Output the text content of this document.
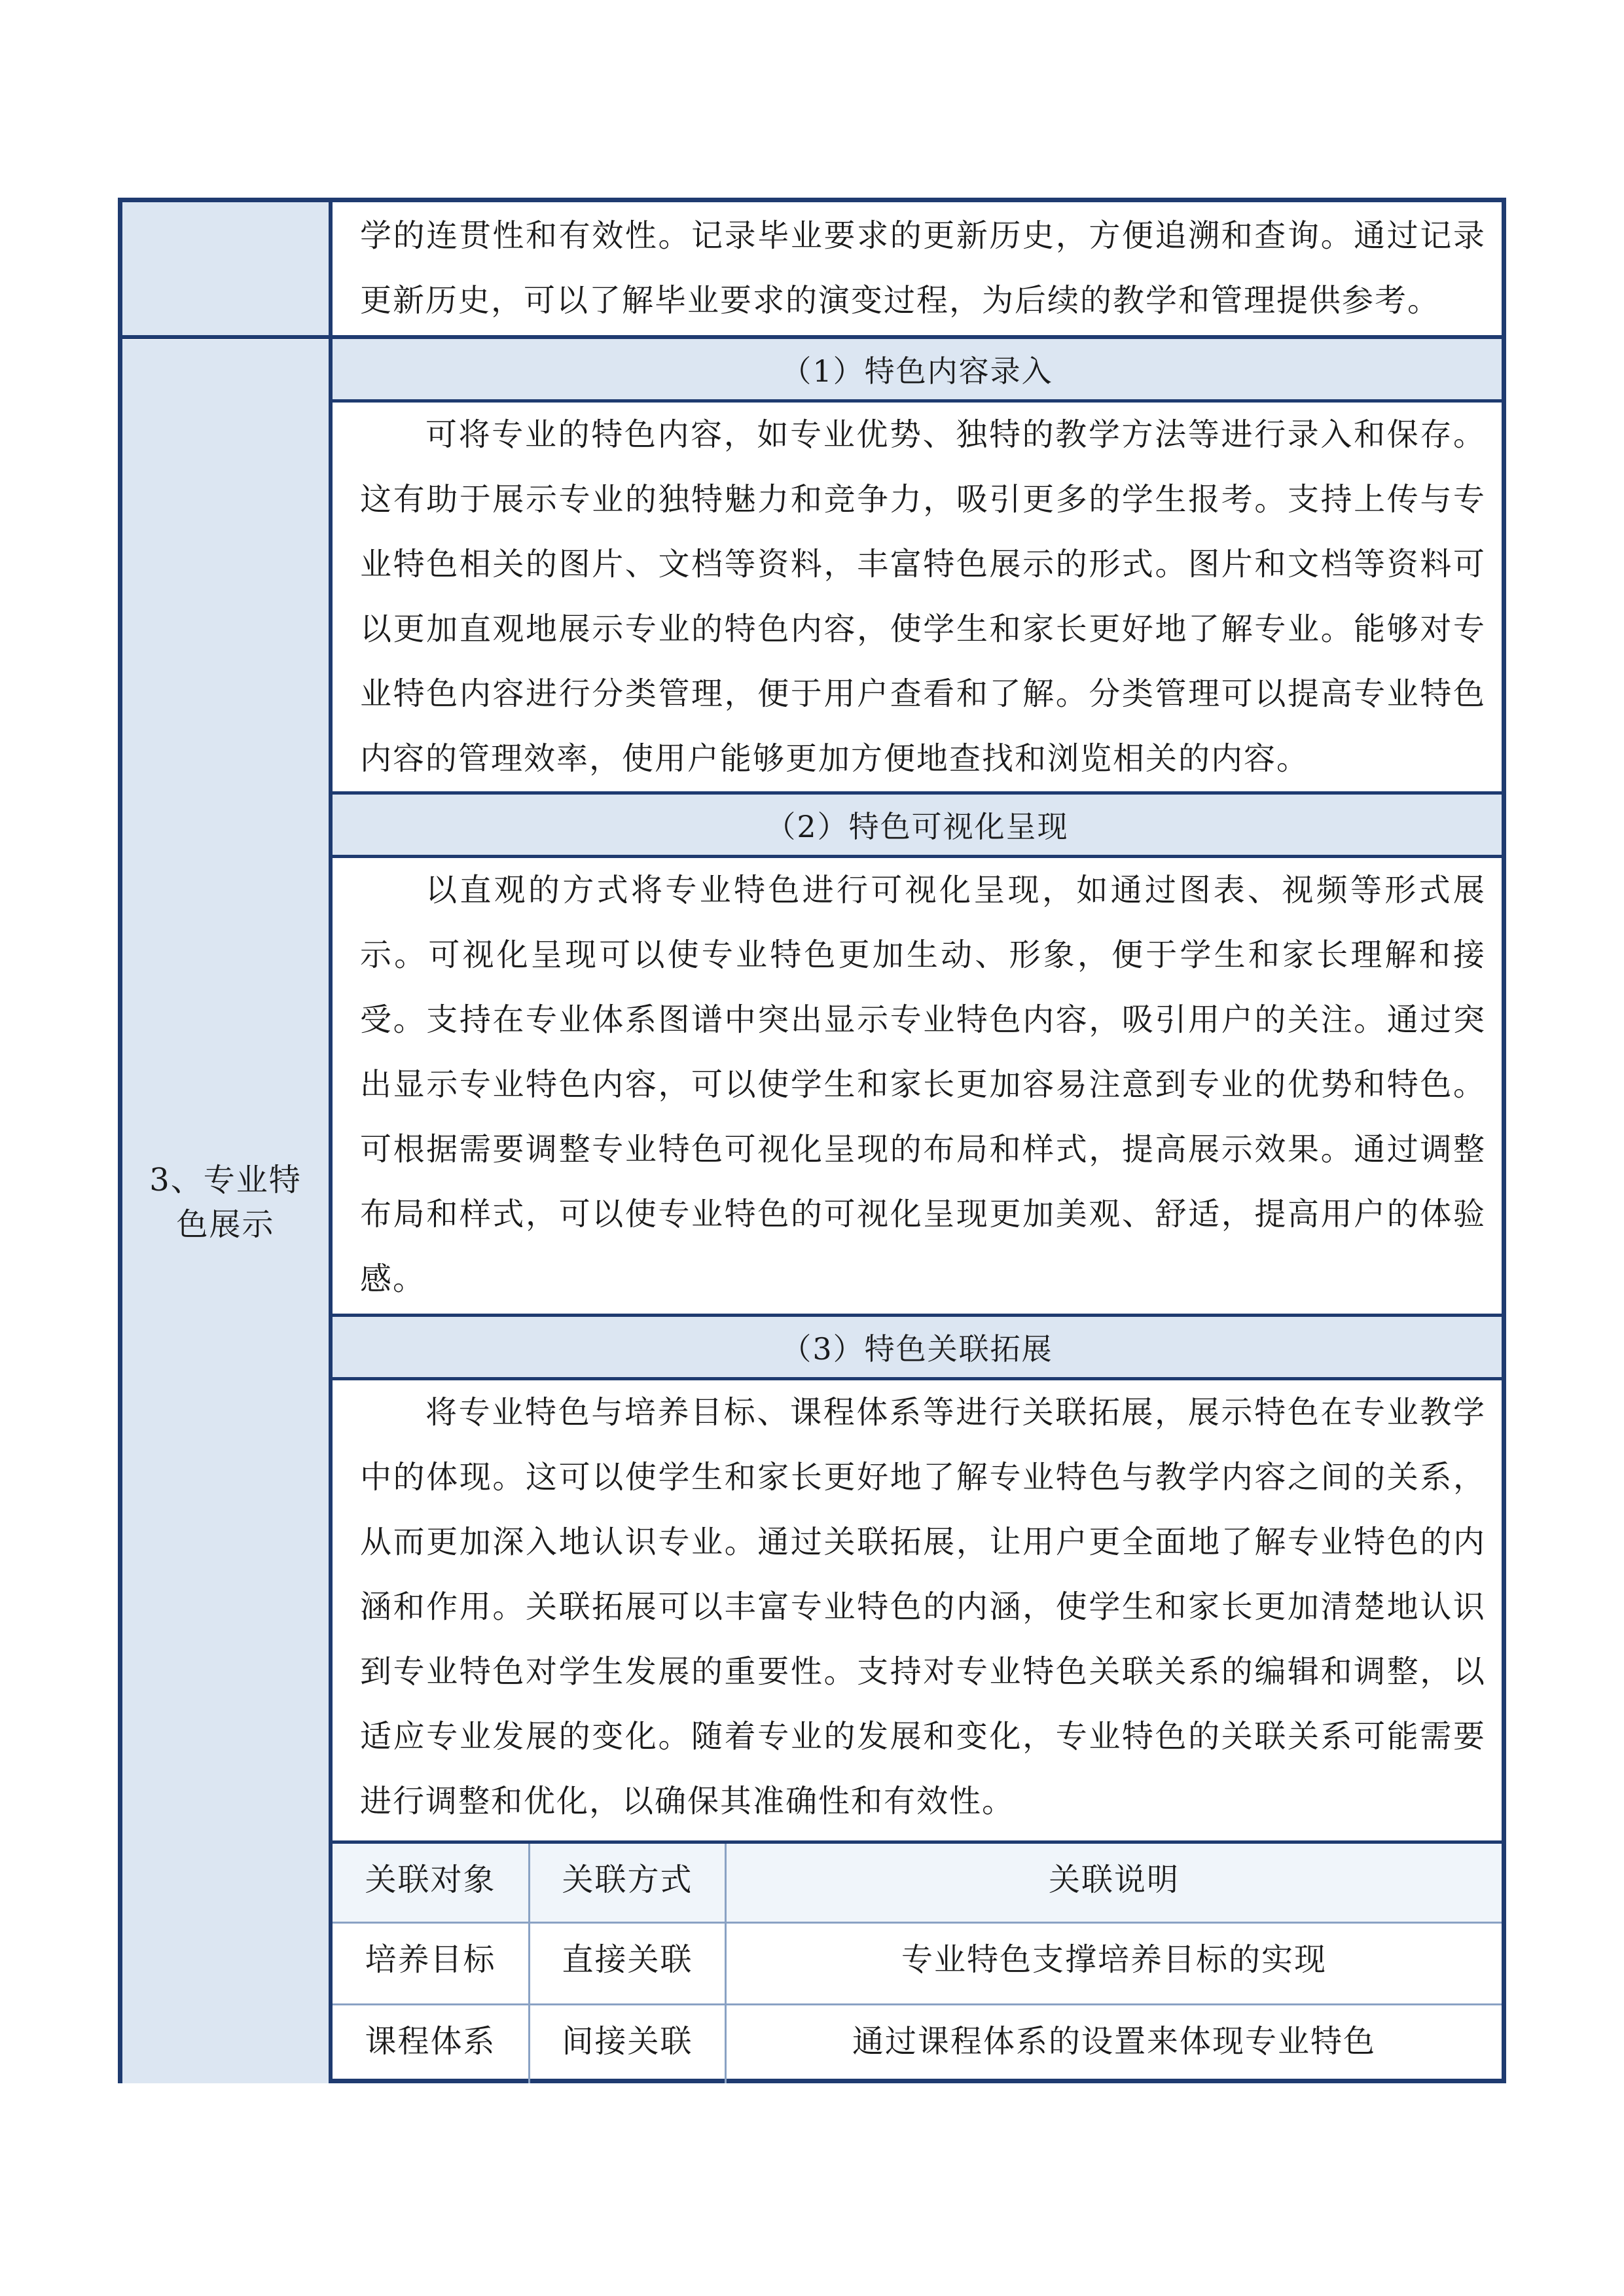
3、专业特
色展示
学的连贯性和有效性。记录毕业要求的更新历史，方便追溯和查询。通过记录
更新历史，可以了解毕业要求的演变过程，为后续的教学和管理提供参考。
（1）特色内容录入
可将专业的特色内容，如专业优势、独特的教学方法等进行录入和保存。
这有助于展示专业的独特魅力和竞争力，吸引更多的学生报考。支持上传与专
业特色相关的图片、文档等资料，丰富特色展示的形式。图片和文档等资料可
以更加直观地展示专业的特色内容，使学生和家长更好地了解专业。能够对专
业特色内容进行分类管理，便于用户查看和了解。分类管理可以提高专业特色
内容的管理效率，使用户能够更加方便地查找和浏览相关的内容。
（2）特色可视化呈现
以直观的方式将专业特色进行可视化呈现，如通过图表、视频等形式展
示。可视化呈现可以使专业特色更加生动、形象，便于学生和家长理解和接
受。支持在专业体系图谱中突出显示专业特色内容，吸引用户的关注。通过突
出显示专业特色内容，可以使学生和家长更加容易注意到专业的优势和特色。
可根据需要调整专业特色可视化呈现的布局和样式，提高展示效果。通过调整
布局和样式，可以使专业特色的可视化呈现更加美观、舒适，提高用户的体验
感。
（3）特色关联拓展
将专业特色与培养目标、课程体系等进行关联拓展，展示特色在专业教学
中的体现。这可以使学生和家长更好地了解专业特色与教学内容之间的关系，
从而更加深入地认识专业。通过关联拓展，让用户更全面地了解专业特色的内
涵和作用。关联拓展可以丰富专业特色的内涵，使学生和家长更加清楚地认识
到专业特色对学生发展的重要性。支持对专业特色关联关系的编辑和调整，以
适应专业发展的变化。随着专业的发展和变化，专业特色的关联关系可能需要
进行调整和优化，以确保其准确性和有效性。
关联对象 关联方式	关联说明
培养目标 直接关联	专业特色支撑培养目标的实现
课程体系 间接关联	通过课程体系的设置来体现专业特色
